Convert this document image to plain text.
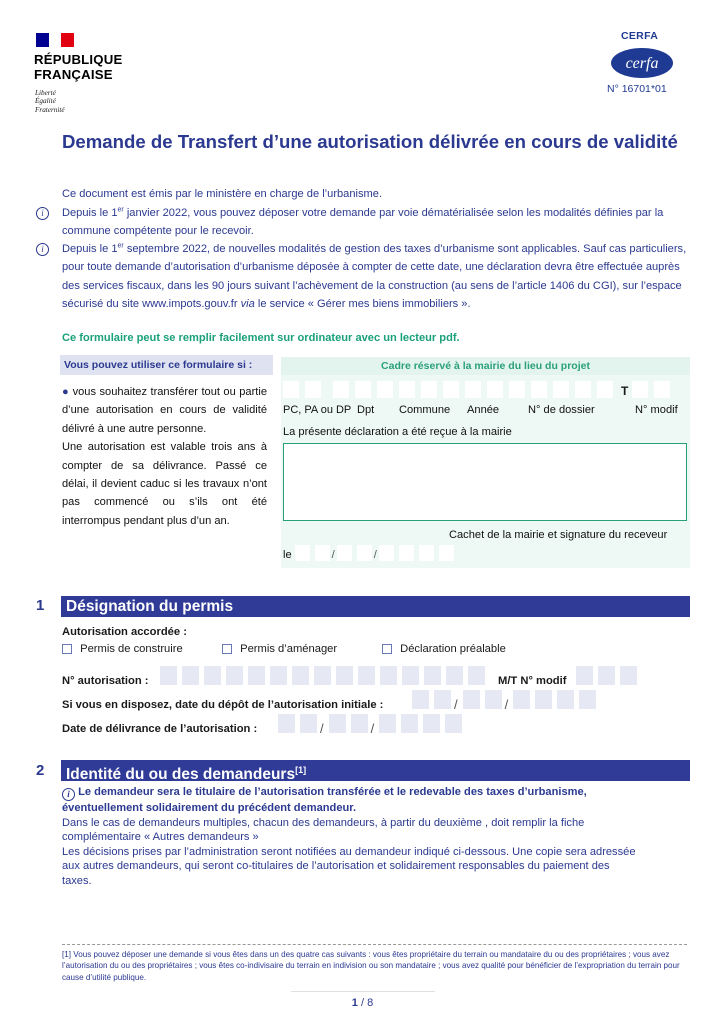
RÉPUBLIQUE
FRANÇAISE
Liberté
Égalité
Fraternité
CERFA
cerfa
N° 16701*01
Demande de Transfert d’une autorisation délivrée en cours de validité
Ce document est émis par le ministère en charge de l’urbanisme.
i	Depuis le 1er janvier 2022, vous pouvez déposer votre demande par voie dématérialisée selon les modalités définies par la commune compétente pour le recevoir.
i	Depuis le 1er septembre 2022, de nouvelles modalités de gestion des taxes d’urbanisme sont applicables. Sauf cas particuliers, pour toute demande d’autorisation d’urbanisme déposée à compter de cette date, une déclaration devra être effectuée auprès des services fiscaux, dans les 90 jours suivant l’achèvement de la construction (au sens de l’article 1406 du CGI), sur l’espace sécurisé du site www.impots.gouv.fr via le service « Gérer mes biens immobiliers ».
Ce formulaire peut se remplir facilement sur ordinateur avec un lecteur pdf.
Vous pouvez utiliser ce formulaire si :
● vous souhaitez transférer tout ou partie d’une autorisation en cours de validité délivré à une autre personne.
Une autorisation est valable trois ans à compter de sa délivrance. Passé ce délai, il devient caduc si les travaux n’ont pas commencé ou s’ils ont été interrompus pendant plus d’un an.
Cadre réservé à la mairie du lieu du projet
T
PC, PA ou DP Dpt Commune Année	N° de dossier	N° modif
La présente déclaration a été reçue à la mairie
Cachet de la mairie et signature du receveur
le	/	/
1	Désignation du permis
Autorisation accordée :
Permis de construire	Permis d’aménager	Déclaration préalable
N° autorisation :	M/T N° modif
Si vous en disposez, date du dépôt de l’autorisation initiale :	/	/
Date de délivrance de l’autorisation :	/	/
2	Identité du ou des demandeurs[1]
i Le demandeur sera le titulaire de l’autorisation transférée et le redevable des taxes d’urbanisme, éventuellement solidairement du précédent demandeur.
Dans le cas de demandeurs multiples, chacun des demandeurs, à partir du deuxième , doit remplir la fiche complémentaire « Autres demandeurs »
Les décisions prises par l’administration seront notifiées au demandeur indiqué ci-dessous. Une copie sera adressée aux autres demandeurs, qui seront co-titulaires de l’autorisation et solidairement responsables du paiement des taxes.
[1] Vous pouvez déposer une demande si vous êtes dans un des quatre cas suivants : vous êtes propriétaire du terrain ou mandataire du ou des propriétaires ; vous avez l’autorisation du ou des propriétaires ; vous êtes co-indivisaire du terrain en indivision ou son mandataire ; vous avez qualité pour bénéficier de l’expropriation du terrain pour cause d’utilité publique.
1 / 8
